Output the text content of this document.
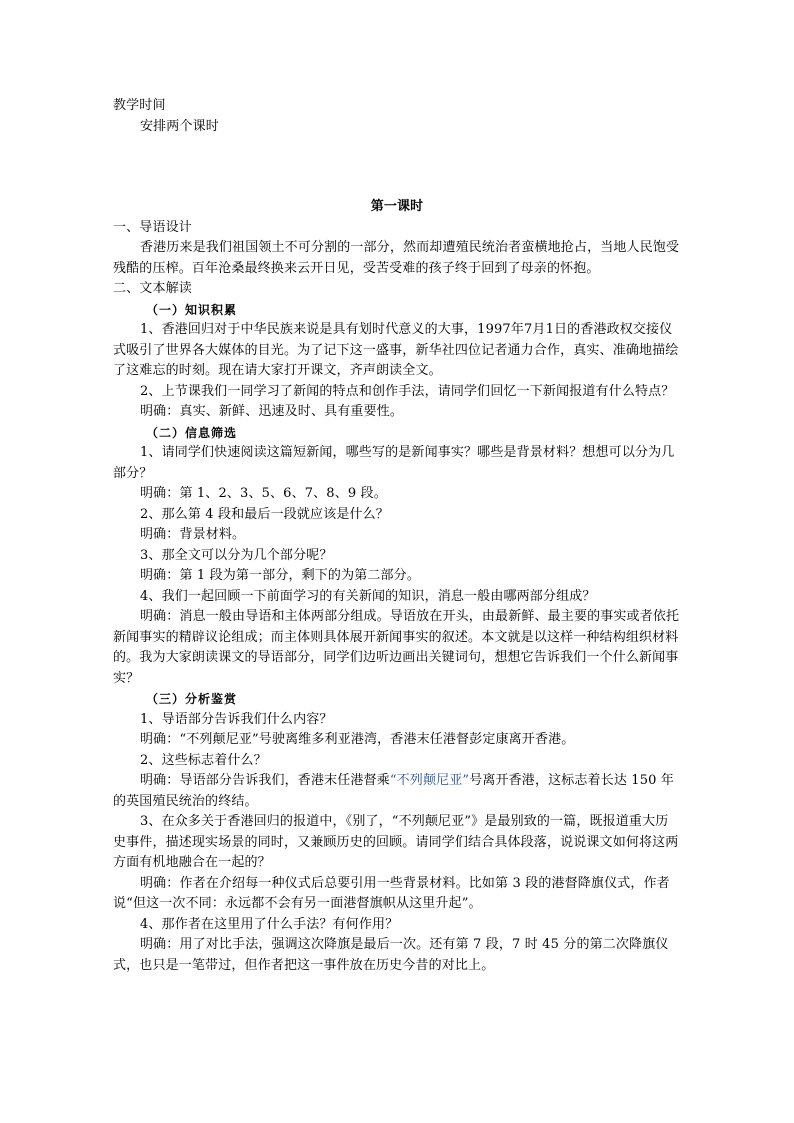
教学时间

安排两个课时

第一课时

一、导语设计

香港历来是我们祖国领土不可分割的一部分，然而却遭殖民统治者蛮横地抢占，当地人民饱受残酷的压榨。百年沧桑最终换来云开日见，受苦受难的孩子终于回到了母亲的怀抱。

二、文本解读

（一）知识积累

1、香港回归对于中华民族来说是具有划时代意义的大事，1997年7月1日的香港政权交接仪式吸引了世界各大媒体的目光。为了记下这一盛事，新华社四位记者通力合作，真实、准确地描绘了这难忘的时刻。现在请大家打开课文，齐声朗读全文。

2、上节课我们一同学习了新闻的特点和创作手法，请同学们回忆一下新闻报道有什么特点？

明确：真实、新鲜、迅速及时、具有重要性。

（二）信息筛选

1、请同学们快速阅读这篇短新闻，哪些写的是新闻事实？哪些是背景材料？想想可以分为几部分？

明确：第 1、2、3、5、6、7、8、9 段。

2、那么第 4 段和最后一段就应该是什么？

明确：背景材料。

3、那全文可以分为几个部分呢？

明确：第 1 段为第一部分，剩下的为第二部分。

4、我们一起回顾一下前面学习的有关新闻的知识，消息一般由哪两部分组成？

明确：消息一般由导语和主体两部分组成。导语放在开头，由最新鲜、最主要的事实或者依托新闻事实的精辟议论组成；而主体则具体展开新闻事实的叙述。本文就是以这样一种结构组织材料的。我为大家朗读课文的导语部分，同学们边听边画出关键词句，想想它告诉我们一个什么新闻事实？

（三）分析鉴赏

1、导语部分告诉我们什么内容？

明确：“不列颠尼亚”号驶离维多利亚港湾，香港末任港督彭定康离开香港。

2、这些标志着什么？

明确：导语部分告诉我们，香港末任港督乘“不列颠尼亚”号离开香港，这标志着长达 150 年的英国殖民统治的终结。

3、在众多关于香港回归的报道中，《别了，“不列颠尼亚”》是最别致的一篇，既报道重大历史事件，描述现实场景的同时，又兼顾历史的回顾。请同学们结合具体段落，说说课文如何将这两方面有机地融合在一起的？

明确：作者在介绍每一种仪式后总要引用一些背景材料。比如第 3 段的港督降旗仪式，作者说“但这一次不同：永远都不会有另一面港督旗帜从这里升起”。

4、那作者在这里用了什么手法？有何作用？

明确：用了对比手法，强调这次降旗是最后一次。还有第 7 段，7 时 45 分的第二次降旗仪式，也只是一笔带过，但作者把这一事件放在历史今昔的对比上。
